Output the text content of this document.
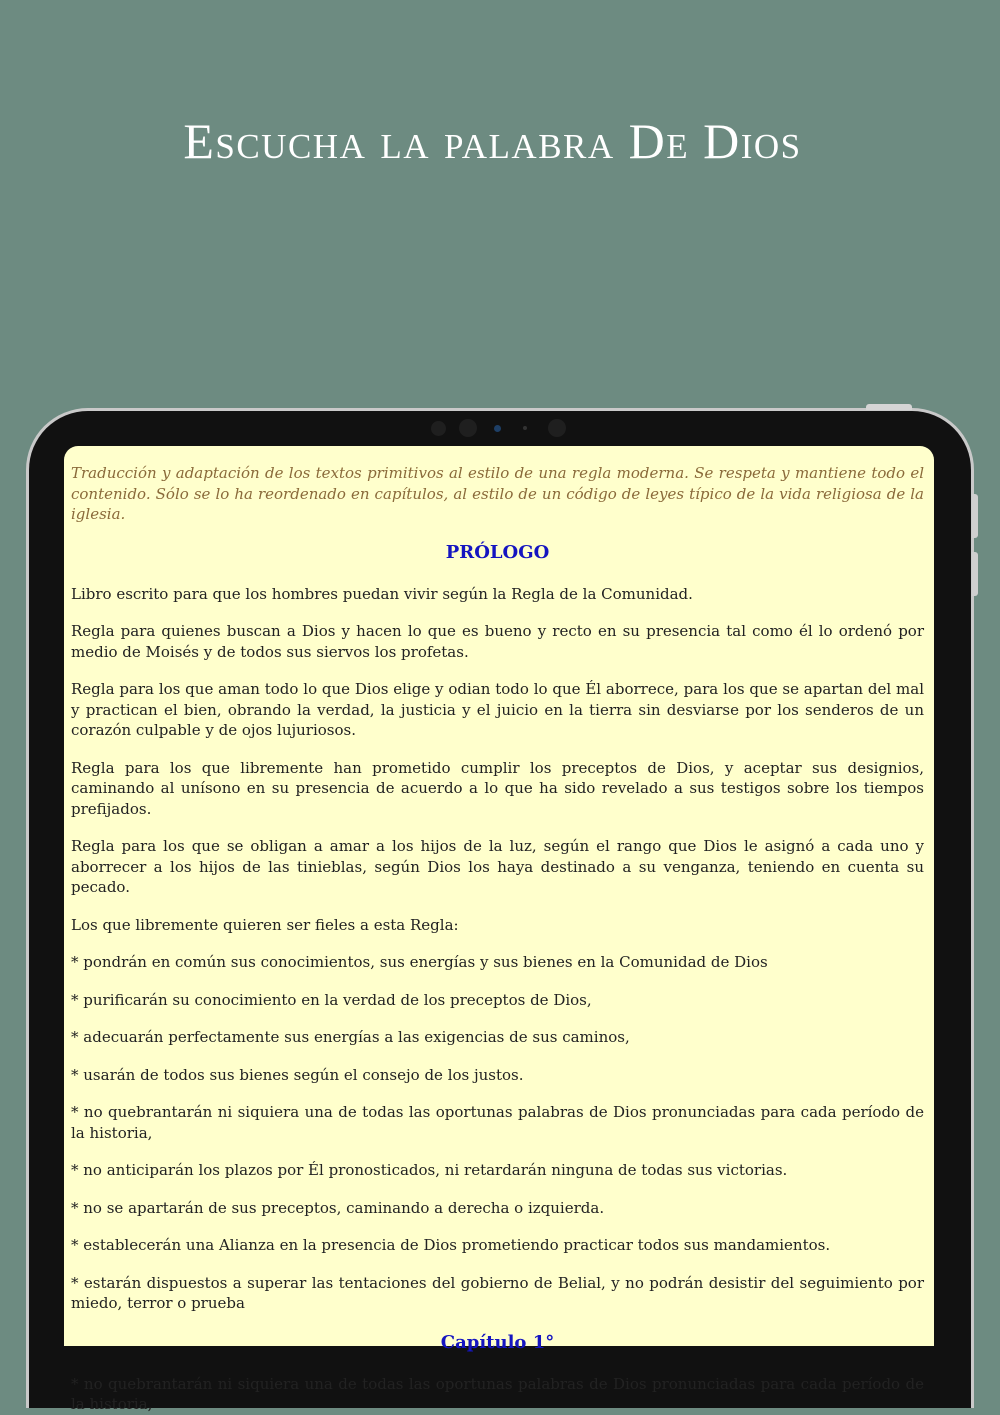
Escucha la palabra De Dios

Traducción y adaptación de los textos primitivos al estilo de una regla moderna. Se respeta y mantiene todo el contenido. Sólo se lo ha reordenado en capítulos, al estilo de un código de leyes típico de la vida religiosa de la iglesia.

PRÓLOGO

Libro escrito para que los hombres puedan vivir según la Regla de la Comunidad.

Regla para quienes buscan a Dios y hacen lo que es bueno y recto en su presencia tal como él lo ordenó por medio de Moisés y de todos sus siervos los profetas.

Regla para los que aman todo lo que Dios elige y odian todo lo que Él aborrece, para los que se apartan del mal y practican el bien, obrando la verdad, la justicia y el juicio en la tierra sin desviarse por los senderos de un corazón culpable y de ojos lujuriosos.

Regla para los que libremente han prometido cumplir los preceptos de Dios, y aceptar sus designios, caminando al unísono en su presencia de acuerdo a lo que ha sido revelado a sus testigos sobre los tiempos prefijados.

Regla para los que se obligan a amar a los hijos de la luz, según el rango que Dios le asignó a cada uno y aborrecer a los hijos de las tinieblas, según Dios los haya destinado a su venganza, teniendo en cuenta su pecado.

Los que libremente quieren ser fieles a esta Regla:

* pondrán en común sus conocimientos, sus energías y sus bienes en la Comunidad de Dios

* purificarán su conocimiento en la verdad de los preceptos de Dios,

* adecuarán perfectamente sus energías a las exigencias de sus caminos,

* usarán de todos sus bienes según el consejo de los justos.

* no quebrantarán ni siquiera una de todas las oportunas palabras de Dios pronunciadas para cada período de la historia,

* no anticiparán los plazos por Él pronosticados, ni retardarán ninguna de todas sus victorias.

* no se apartarán de sus preceptos, caminando a derecha o izquierda.

* establecerán una Alianza en la presencia de Dios prometiendo practicar todos sus mandamientos.

* estarán dispuestos a superar las tentaciones del gobierno de Belial, y no podrán desistir del seguimiento por miedo, terror o prueba

Capítulo 1°

* no quebrantarán ni siquiera una de todas las oportunas palabras de Dios pronunciadas para cada período de la historia,
